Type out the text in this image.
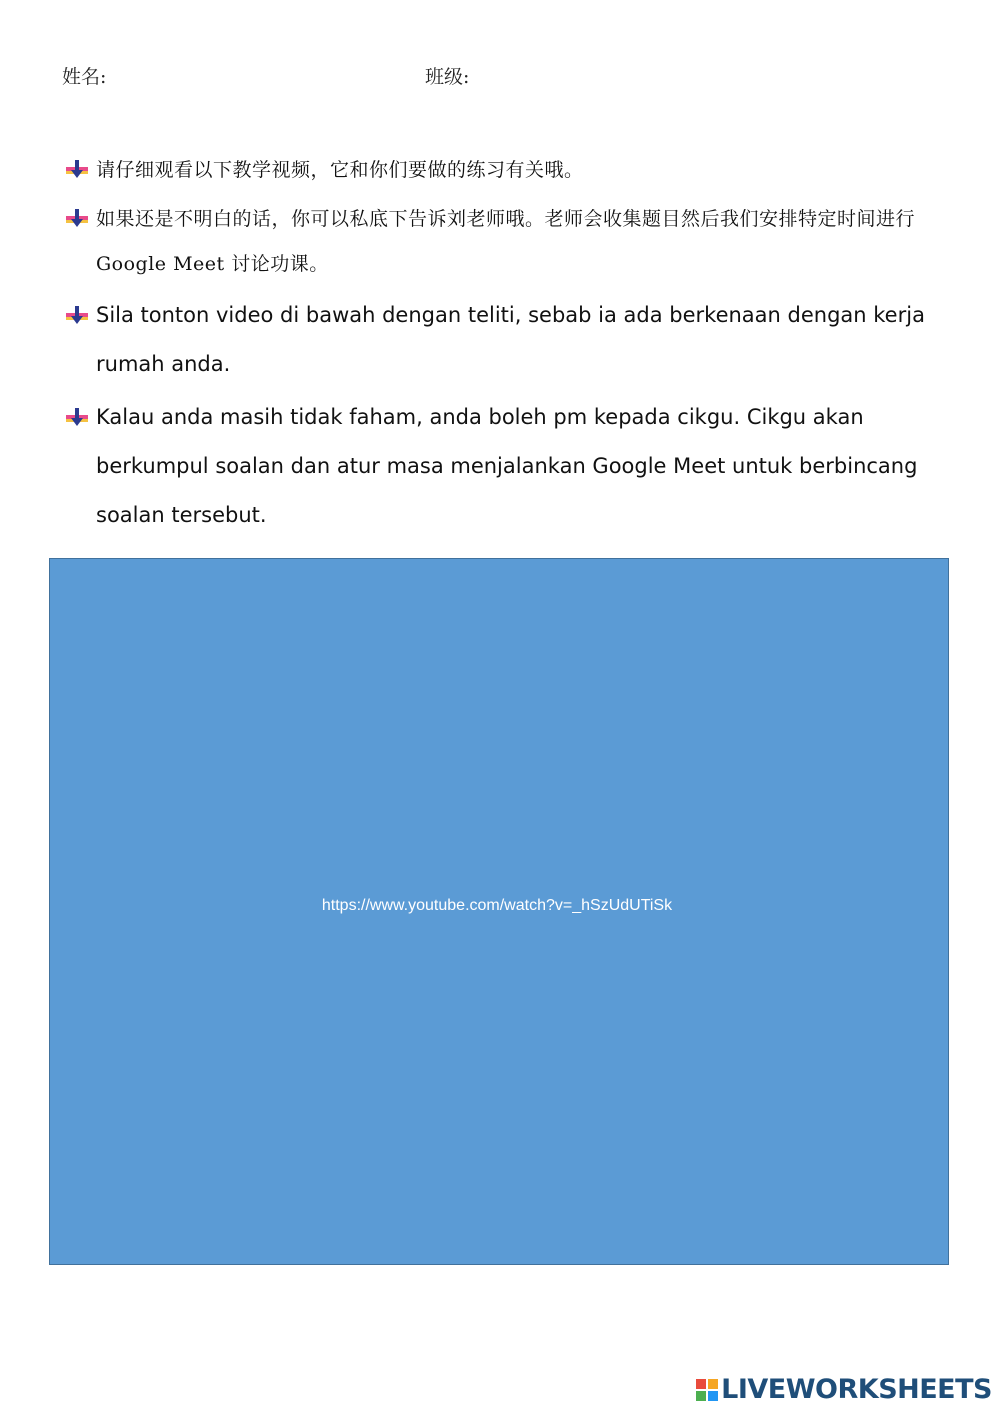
姓名:	班级:
请仔细观看以下教学视频，它和你们要做的练习有关哦。
如果还是不明白的话，你可以私底下告诉刘老师哦。老师会收集题目然后我们安排特定时间进行 Google Meet 讨论功课。
Sila tonton video di bawah dengan teliti, sebab ia ada berkenaan dengan kerja rumah anda.
Kalau anda masih tidak faham, anda boleh pm kepada cikgu. Cikgu akan berkumpul soalan dan atur masa menjalankan Google Meet untuk berbincang soalan tersebut.
https://www.youtube.com/watch?v=_hSzUdUTiSk
LIVEWORKSHEETS
